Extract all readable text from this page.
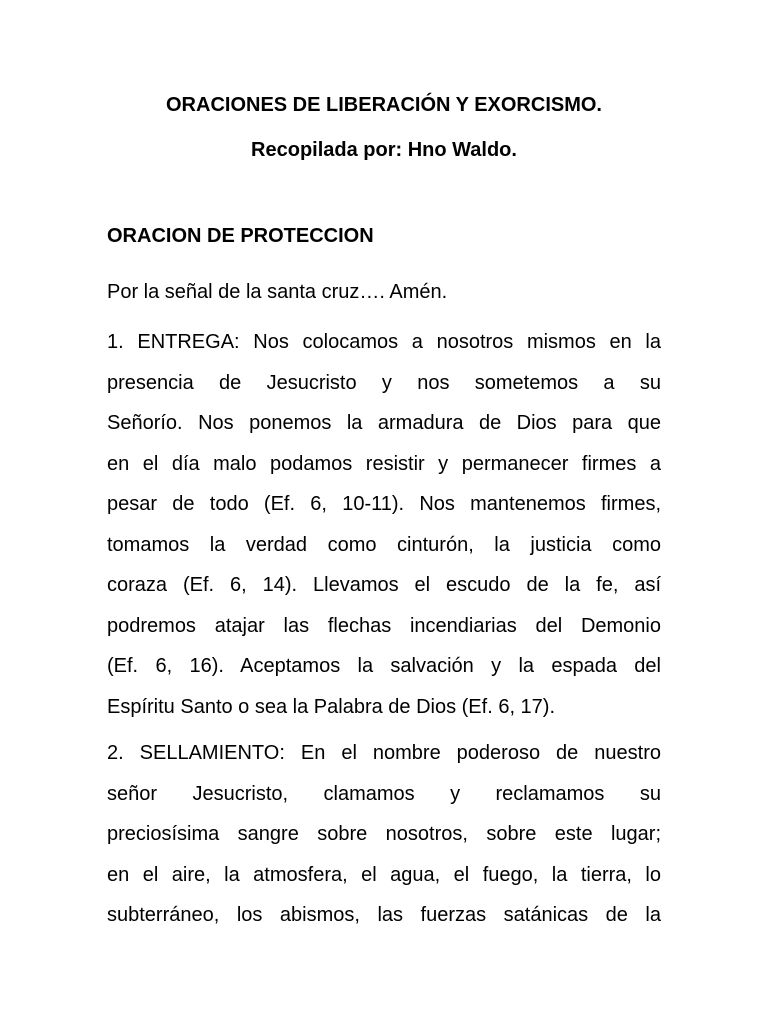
ORACIONES DE LIBERACIÓN Y EXORCISMO.

Recopilada por: Hno Waldo.

ORACION DE PROTECCION

Por la señal de la santa cruz…. Amén.

1. ENTREGA: Nos colocamos a nosotros mismos en la
presencia de Jesucristo y nos sometemos a su
Señorío. Nos ponemos la armadura de Dios para que
en el día malo podamos resistir y permanecer firmes a
pesar de todo (Ef. 6, 10-11). Nos mantenemos firmes,
tomamos la verdad como cinturón, la justicia como
coraza (Ef. 6, 14). Llevamos el escudo de la fe, así
podremos atajar las flechas incendiarias del Demonio
(Ef. 6, 16). Aceptamos la salvación y la espada del
Espíritu Santo o sea la Palabra de Dios (Ef. 6, 17).
2. SELLAMIENTO: En el nombre poderoso de nuestro
señor Jesucristo, clamamos y reclamamos su
preciosísima sangre sobre nosotros, sobre este lugar;
en el aire, la atmosfera, el agua, el fuego, la tierra, lo
subterráneo, los abismos, las fuerzas satánicas de la
